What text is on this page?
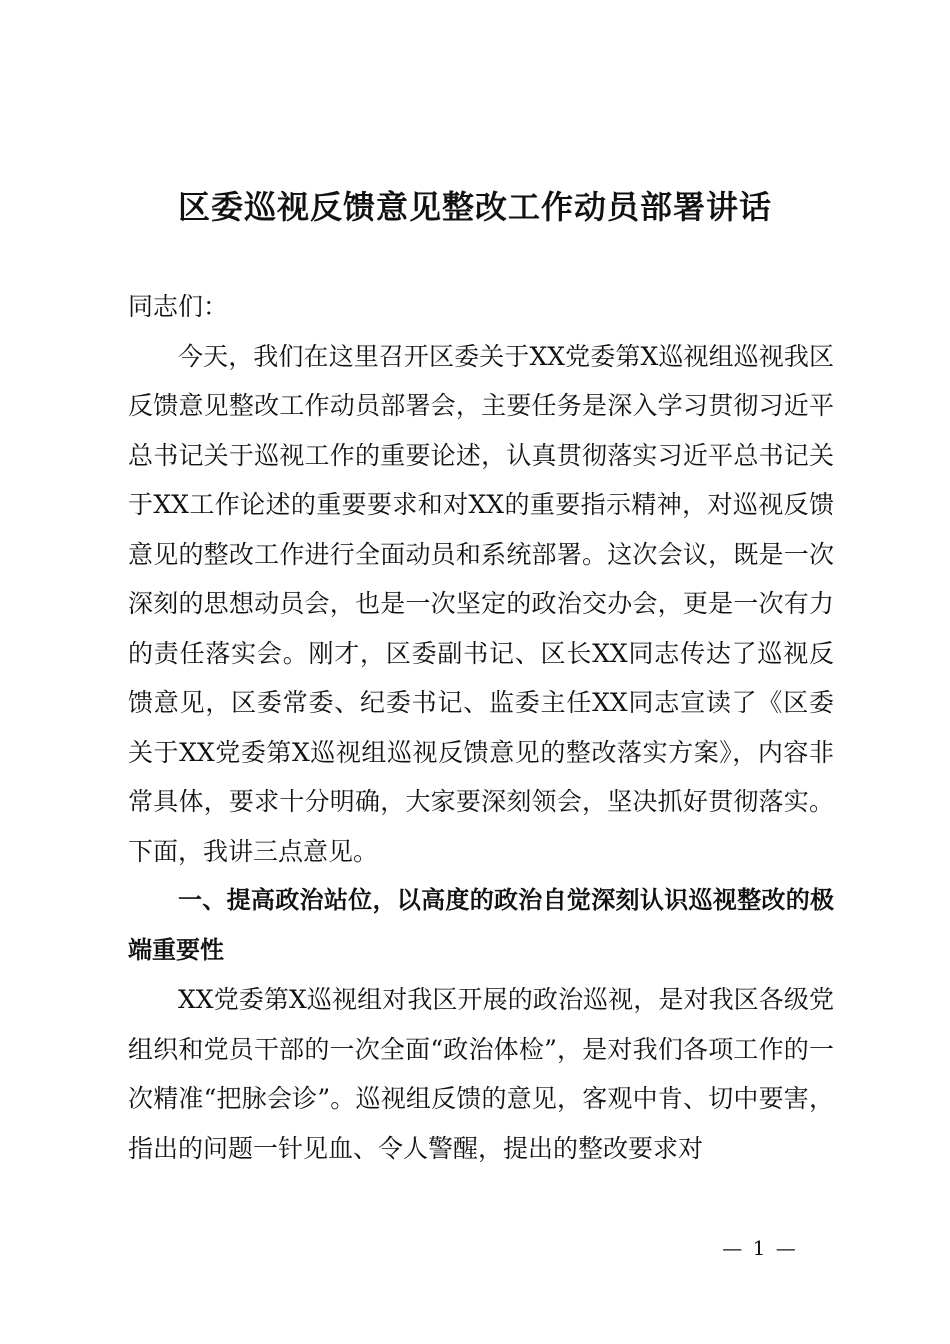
区委巡视反馈意见整改工作动员部署讲话

同志们：

今天，我们在这里召开区委关于XX党委第X巡视组巡视我区反馈意见整改工作动员部署会，主要任务是深入学习贯彻习近平总书记关于巡视工作的重要论述，认真贯彻落实习近平总书记关于XX工作论述的重要要求和对XX的重要指示精神，对巡视反馈意见的整改工作进行全面动员和系统部署。这次会议，既是一次深刻的思想动员会，也是一次坚定的政治交办会，更是一次有力的责任落实会。刚才，区委副书记、区长XX同志传达了巡视反馈意见，区委常委、纪委书记、监委主任XX同志宣读了《区委关于XX党委第X巡视组巡视反馈意见的整改落实方案》，内容非常具体，要求十分明确，大家要深刻领会，坚决抓好贯彻落实。下面，我讲三点意见。

一、提高政治站位，以高度的政治自觉深刻认识巡视整改的极端重要性

XX党委第X巡视组对我区开展的政治巡视，是对我区各级党组织和党员干部的一次全面“政治体检”，是对我们各项工作的一次精准“把脉会诊”。巡视组反馈的意见，客观中肯、切中要害，指出的问题一针见血、令人警醒，提出的整改要求对

— 1 —
